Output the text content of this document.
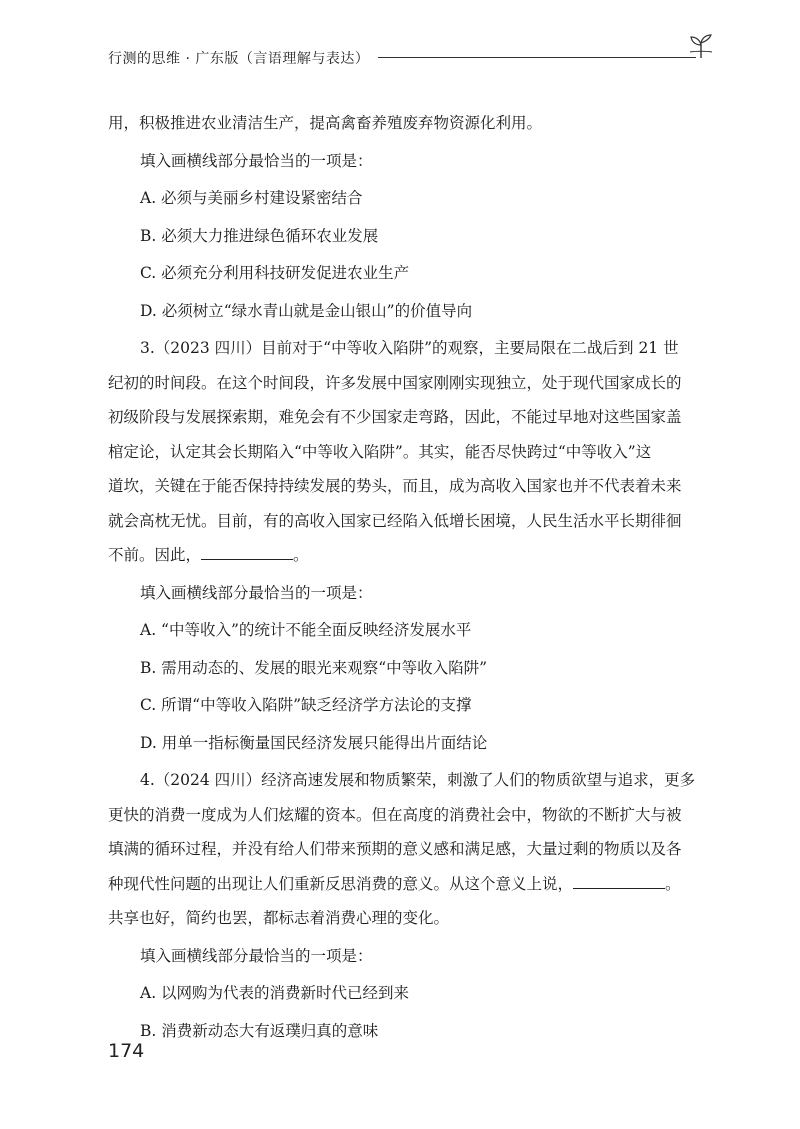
行测的思维 · 广东版（言语理解与表达）
用，积极推进农业清洁生产，提高禽畜养殖废弃物资源化利用。
填入画横线部分最恰当的一项是：
A. 必须与美丽乡村建设紧密结合
B. 必须大力推进绿色循环农业发展
C. 必须充分利用科技研发促进农业生产
D. 必须树立“绿水青山就是金山银山”的价值导向
3.（2023 四川）目前对于“中等收入陷阱”的观察，主要局限在二战后到 21 世
纪初的时间段。在这个时间段，许多发展中国家刚刚实现独立，处于现代国家成长的
初级阶段与发展探索期，难免会有不少国家走弯路，因此，不能过早地对这些国家盖
棺定论，认定其会长期陷入“中等收入陷阱”。其实，能否尽快跨过“中等收入”这
道坎，关键在于能否保持持续发展的势头，而且，成为高收入国家也并不代表着未来
就会高枕无忧。目前，有的高收入国家已经陷入低增长困境，人民生活水平长期徘徊
不前。因此，	。
填入画横线部分最恰当的一项是：
A. “中等收入”的统计不能全面反映经济发展水平
B. 需用动态的、发展的眼光来观察“中等收入陷阱”
C. 所谓“中等收入陷阱”缺乏经济学方法论的支撑
D. 用单一指标衡量国民经济发展只能得出片面结论
4.（2024 四川）经济高速发展和物质繁荣，刺激了人们的物质欲望与追求，更多
更快的消费一度成为人们炫耀的资本。但在高度的消费社会中，物欲的不断扩大与被
填满的循环过程，并没有给人们带来预期的意义感和满足感，大量过剩的物质以及各
种现代性问题的出现让人们重新反思消费的意义。从这个意义上说，	。
共享也好，简约也罢，都标志着消费心理的变化。
填入画横线部分最恰当的一项是：
A. 以网购为代表的消费新时代已经到来
B. 消费新动态大有返璞归真的意味
174
